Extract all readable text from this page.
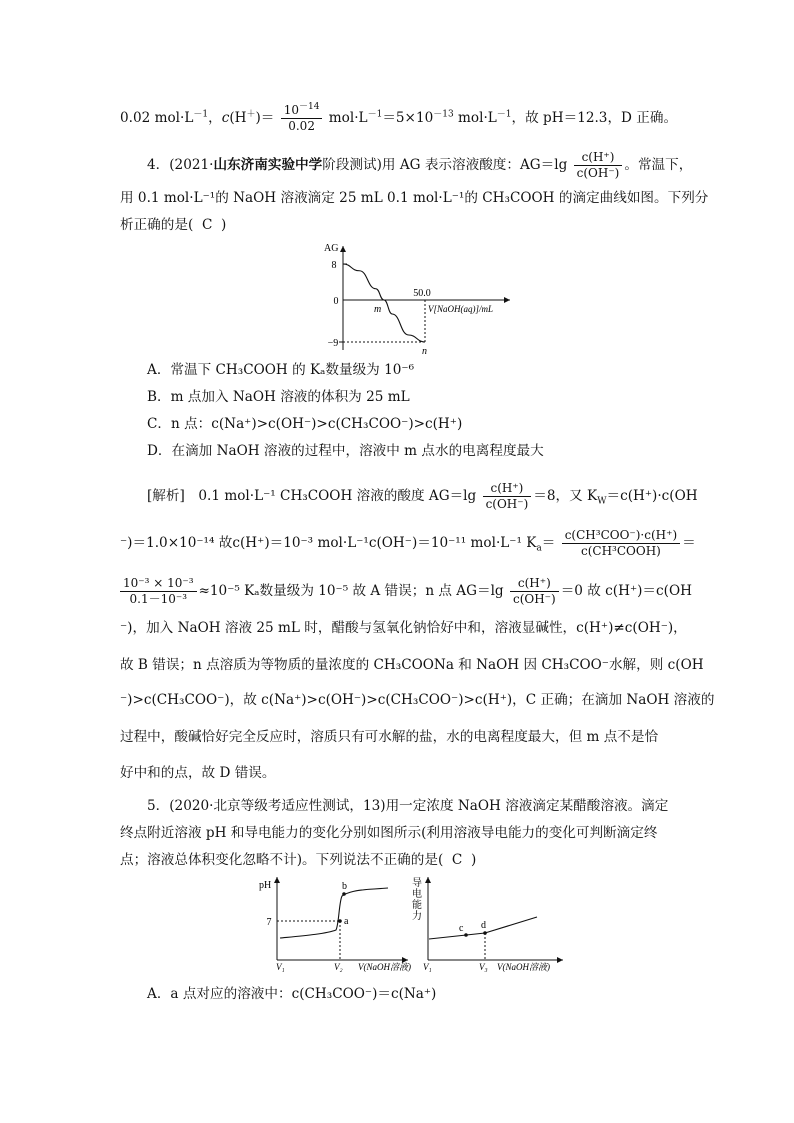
0.02 $mol\cdot L^{-1}$，$c(H^+)= \frac{10^{-14}}{0.02} mol\cdot L^{-1}=5\times 10^{-13}$ $mol\cdot L^{-1}$，故 pH＝12.3，D 正确。
4．(2021·山东济南实验中学阶段测试)用 AG 表示溶液酸度：$AG=\lg \frac{c(H^+)}{c(OH^-)}$ 。常温下，
用 0.1 mol·L⁻¹的 NaOH 溶液滴定 25 mL 0.1 mol·L⁻¹的 CH₃COOH 的滴定曲线如图。下列分
析正确的是( C )
AG
8
0
−9
50.0
V[NaOH(aq)]/mL
m
n
A．常温下 CH₃COOH 的 Kₐ数量级为 10⁻⁶
B．m 点加入 NaOH 溶液的体积为 25 mL
C．n 点：c(Na⁺)>c(OH⁻)>c(CH₃COO⁻)>c(H⁺)
D．在滴加 NaOH 溶液的过程中，溶液中 m 点水的电离程度最大
[解析]　0.1 mol·L⁻¹ CH₃COOH 溶液的酸度 $AG=\lg \frac{c(H^+)}{c(OH^-)} =8$，又 $K_W=c(H^+)\cdot c(OH$
⁻)＝1.0×10⁻¹⁴ 故c(H⁺)＝10⁻³ mol·L⁻¹c(OH⁻)＝10⁻¹¹ mol·L⁻¹ $K_a= \frac{\text{c(CH³COO⁻)·c(H⁺)}}{\text{c(CH³COOH)}}$ ＝
$\frac{\text{10⁻³ × 10⁻³}}{\text{0.1－10⁻³}} \approx 10^{-5}$ Kₐ数量级为 10⁻⁵ 故 A 错误；n 点 $AG=\lg \frac{c(H^+)}{c(OH^-)} =0$ 故 c(H⁺)＝c(OH
⁻)，加入 NaOH 溶液 25 mL 时，醋酸与氢氧化钠恰好中和，溶液显碱性，c(H⁺)≠c(OH⁻)，
故 B 错误；n 点溶质为等物质的量浓度的 CH₃COONa 和 NaOH 因 CH₃COO⁻水解，则 c(OH
⁻)>c(CH₃COO⁻)，故 c(Na⁺)>c(OH⁻)>c(CH₃COO⁻)>c(H⁺)，C 正确；在滴加 NaOH 溶液的
过程中，酸碱恰好完全反应时，溶质只有可水解的盐，水的电离程度最大，但 m 点不是恰
好中和的点，故 D 错误。
5．(2020·北京等级考适应性测试，13)用一定浓度 NaOH 溶液滴定某醋酸溶液。滴定
终点附近溶液 pH 和导电能力的变化分别如图所示(利用溶液导电能力的变化可判断滴定终
点；溶液总体积变化忽略不计)。下列说法不正确的是( C )
pH
7	a
b
V₁	V₂ V(NaOH溶液)
导电能力
c d
V₁	V₃ V(NaOH溶液)
A．a 点对应的溶液中：c(CH₃COO⁻)＝c(Na⁺)
